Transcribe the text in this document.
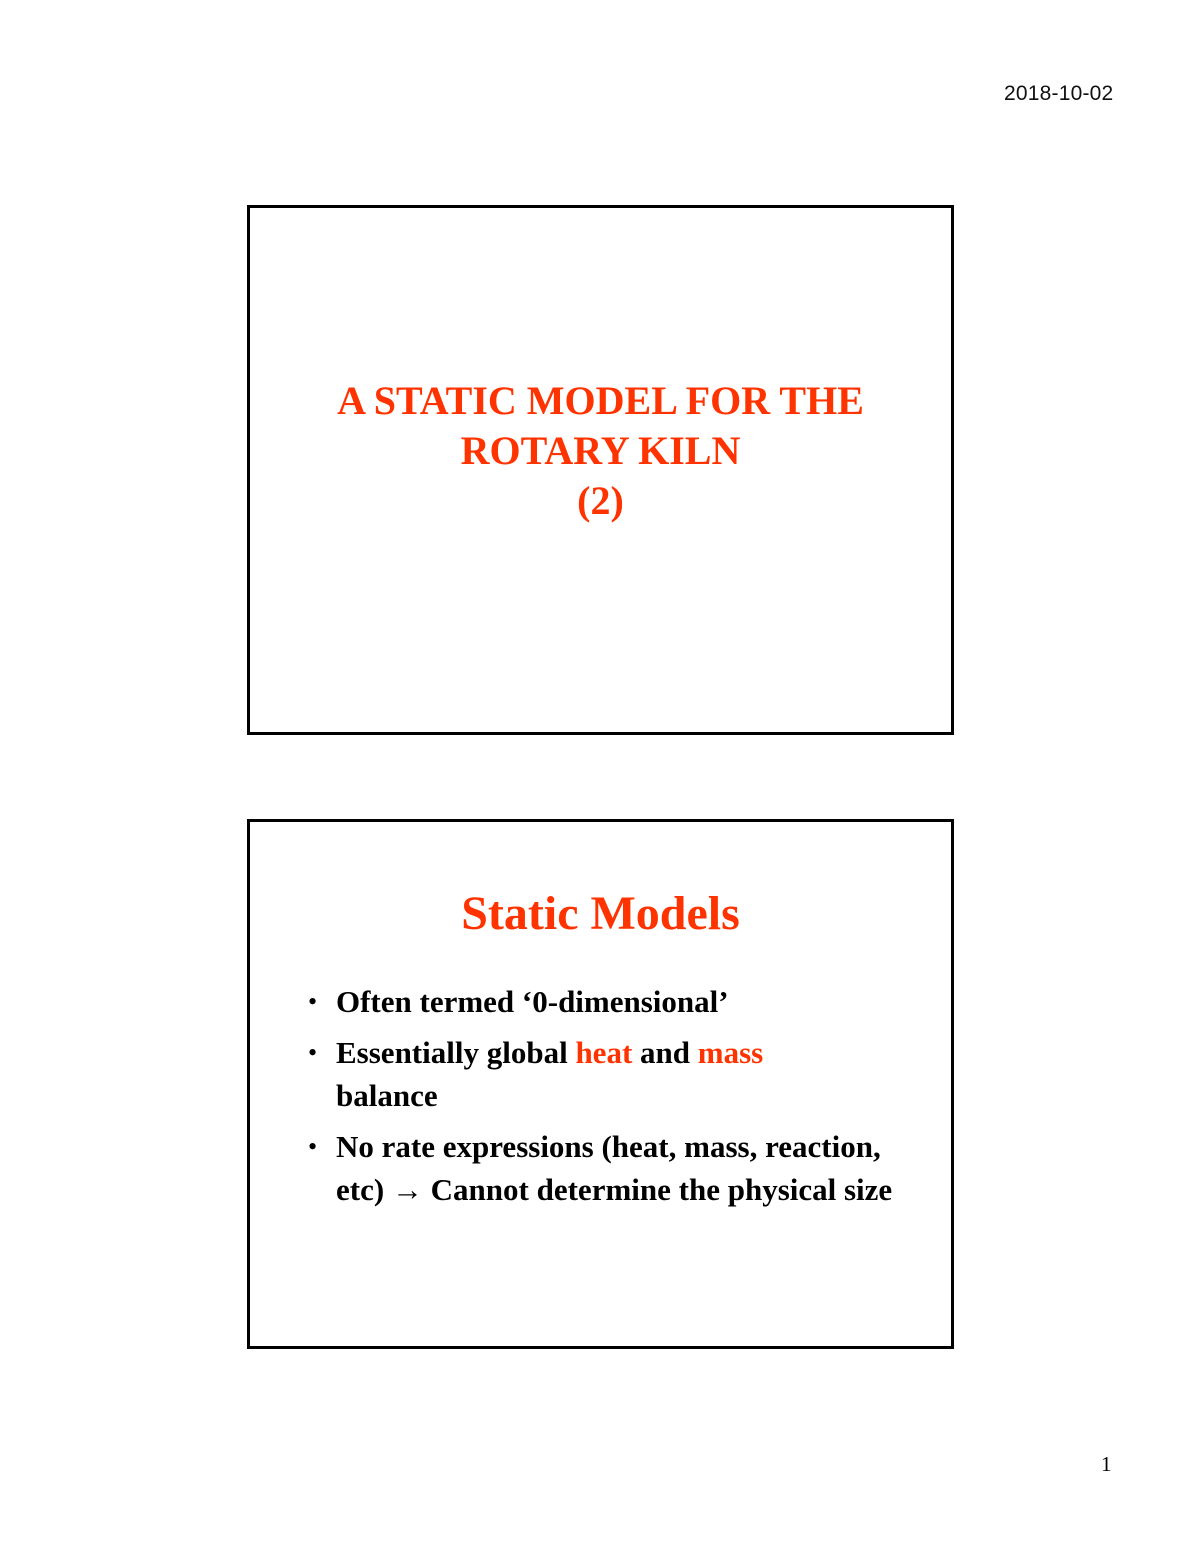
2018-10-02
A STATIC MODEL FOR THE
ROTARY KILN
(2)
Static Models
• Often termed ‘0-dimensional’
• Essentially global heat and mass
balance
• No rate expressions (heat, mass, reaction, etc) → Cannot determine the physical size
1
